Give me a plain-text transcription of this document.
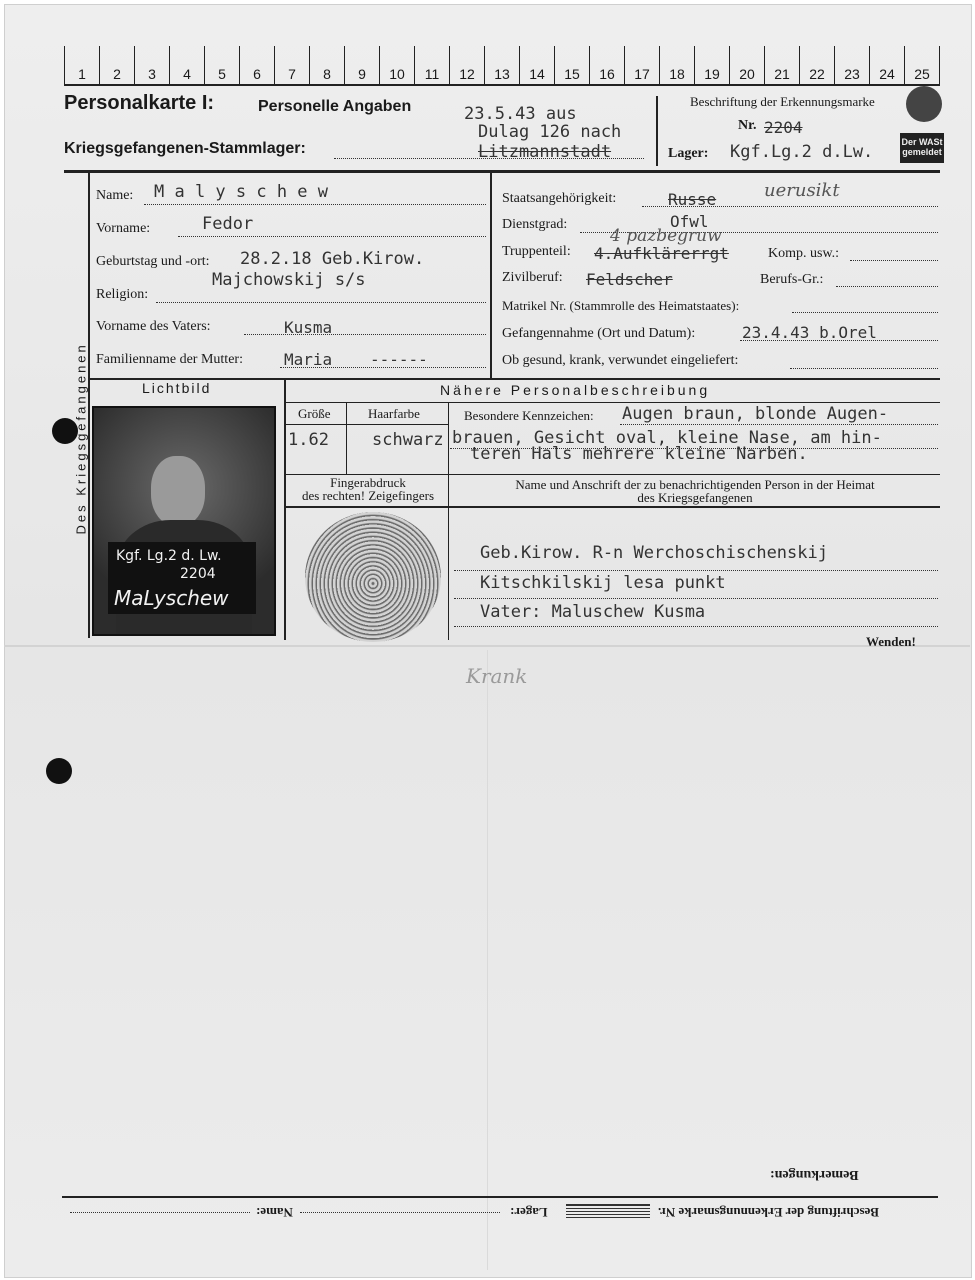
1	2	3	4	5	6	7	8	9	10	11	12	13	14	15	16	17	18	19	20	21	22	23	24	25
Personalkarte I:	Personelle Angaben
Kriegsgefangenen-Stammlager:
23.5.43 aus
Dulag 126 nach
Litzmannstadt
Beschriftung der Erkennungsmarke
Nr. 2204
Lager: Kgf.Lg.2 d.Lw.	Der WASt
gemeldet
Des Kriegsgefangenen
Name: M a l y s c h e w
Vorname:	Fedor
Geburtstag und -ort: 28.2.18 Geb.Kirow.
Majchowskij s/s
Religion:
Vorname des Vaters:	Kusma
Familienname der Mutter:	Maria ------
Staatsangehörigkeit:	Russe	uerusikt
Dienstgrad:	Ofwl
4 pazbegruw
Truppenteil: 4.Aufklärerrgt	Komp. usw.:
Zivilberuf: Feldscher	Berufs-Gr.:
Matrikel Nr. (Stammrolle des Heimatstaates):
Gefangennahme (Ort und Datum):	23.4.43 b.Orel
Ob gesund, krank, verwundet eingeliefert:
Lichtbild
Kgf. Lg.2 d. Lw.
2204
MaLyschew
Nähere Personalbeschreibung
Größe	Haarfarbe
1.62	schwarz
Besondere Kennzeichen: Augen braun, blonde Augen-
brauen, Gesicht oval, kleine Nase, am hin-
teren Hals mehrere kleine Narben.
Fingerabdruck
des rechten! Zeigefingers
Name und Anschrift der zu benachrichtigenden Person in der Heimat
des Kriegsgefangenen
Geb.Kirow. R-n Werchoschischenskij
Kitschkilskij lesa punkt
Vater: Maluschew Kusma
Wenden!
Krank
Bemerkungen:
Beschriftung der Erkennungsmarke Nr.
Lager:
Name:
